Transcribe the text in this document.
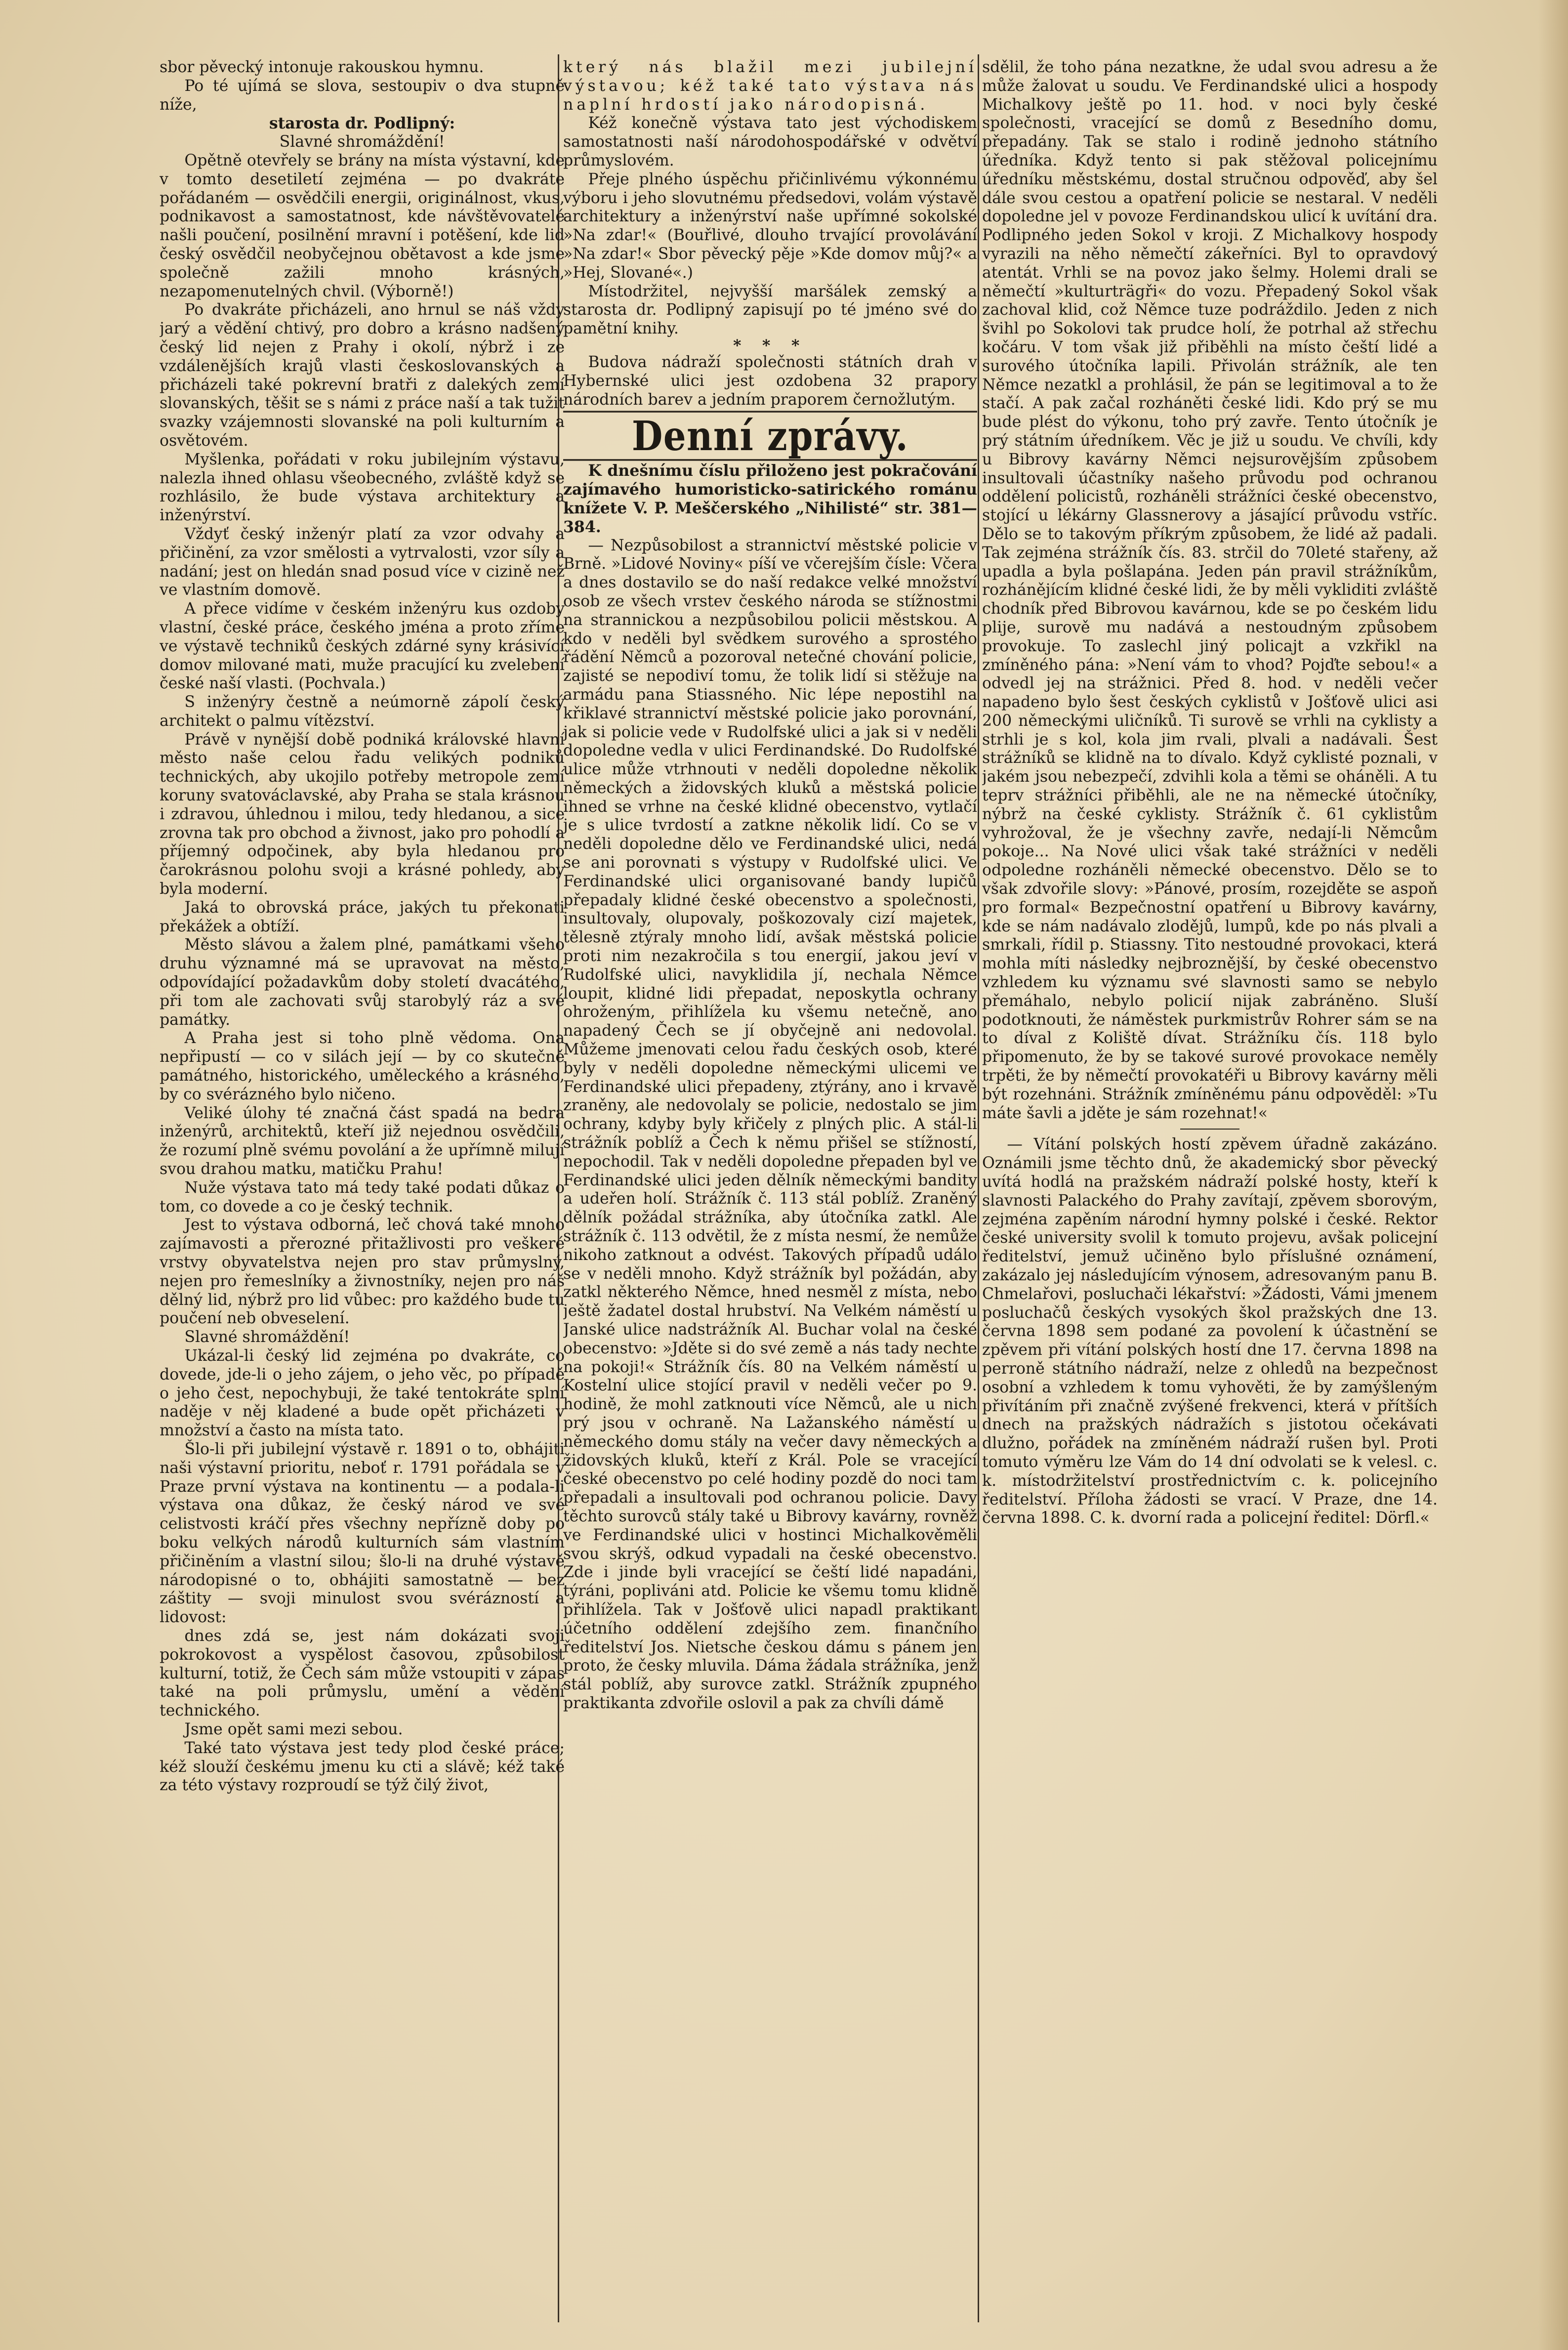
sbor pěvecký intonuje rakouskou hymnu.

Po té ujímá se slova, sestoupiv o dva stupně níže,

starosta dr. Podlipný:

Slavné shromáždění!

Opětně otevřely se brány na místa výstavní, kde v tomto desetiletí zejména — po dvakráte pořádaném — osvědčili energii, originálnost, vkus, podnikavost a samostatnost, kde návštěvovatelé našli poučení, posilnění mravní i potěšení, kde lid český osvědčil neobyčejnou obětavost a kde jsme společně zažili mnoho krásných, nezapomenutelných chvil. (Výborně!)

Po dvakráte přicházeli, ano hrnul se náš vždy jarý a vědění chtivý, pro dobro a krásno nadšený český lid nejen z Prahy i okolí, nýbrž i ze vzdálenějších krajů vlasti českoslovanských a přicházeli také pokrevní bratři z dalekých zemí slovanských, těšit se s námi z práce naší a tak tužit svazky vzájemnosti slovanské na poli kulturním a osvětovém.

Myšlenka, pořádati v roku jubilejním výstavu, nalezla ihned ohlasu všeobecného, zvláště když se rozhlásilo, že bude výstava architektury a inženýrství.

Vždyť český inženýr platí za vzor odvahy a přičinění, za vzor smělosti a vytrvalosti, vzor síly a nadání; jest on hledán snad posud více v cizině než ve vlastním domově.

A přece vidíme v českém inženýru kus ozdoby vlastní, české práce, českého jména a proto zříme ve výstavě techniků českých zdárné syny krásivící domov milované mati, muže pracující ku zvelebení české naší vlasti. (Pochvala.)

S inženýry čestně a neúmorně zápolí český architekt o palmu vítězství.

Právě v nynější době podniká královské hlavní město naše celou řadu velikých podniků technických, aby ukojilo potřeby metropole zemí koruny svatováclavské, aby Praha se stala krásnou i zdravou, úhlednou i milou, tedy hledanou, a sice zrovna tak pro obchod a živnost, jako pro pohodlí a příjemný odpočinek, aby byla hledanou pro čarokrásnou polohu svoji a krásné pohledy, aby byla moderní.

Jaká to obrovská práce, jakých tu překonati překážek a obtíží.

Město slávou a žalem plné, památkami všeho druhu významné má se upravovat na město, odpovídající požadavkům doby století dvacátého, při tom ale zachovati svůj starobylý ráz a své památky.

A Praha jest si toho plně vědoma. Ona nepřipustí — co v silách její — by co skutečně památného, historického, uměleckého a krásného, by co svérázného bylo ničeno.

Veliké úlohy té značná část spadá na bedra inženýrů, architektů, kteří již nejednou osvědčili, že rozumí plně svému povolání a že upřímně milují svou drahou matku, matičku Prahu!

Nuže výstava tato má tedy také podati důkaz o tom, co dovede a co je český technik.

Jest to výstava odborná, leč chová také mnoho zajímavosti a přerozné přitažlivosti pro veškeré vrstvy obyvatelstva nejen pro stav průmyslný, nejen pro řemeslníky a živnostníky, nejen pro náš dělný lid, nýbrž pro lid vůbec: pro každého bude tu poučení neb obveselení.

Slavné shromáždění!

Ukázal-li český lid zejména po dvakráte, co dovede, jde-li o jeho zájem, o jeho věc, po případě o jeho čest, nepochybuji, že také tentokráte splní naděje v něj kladené a bude opět přicházeti v množství a často na místa tato.

Šlo-li při jubilejní výstavě r. 1891 o to, obhájiti naši výstavní prioritu, neboť r. 1791 pořádala se v Praze první výstava na kontinentu — a podala-li výstava ona důkaz, že český národ ve své celistvosti kráčí přes všechny nepřízně doby po boku velkých národů kulturních sám vlastním přičiněním a vlastní silou; šlo-li na druhé výstavě národopisné o to, obhájiti samostatně — bez záštity — svoji minulost svou svérázností a lidovost:

dnes zdá se, jest nám dokázati svoji pokrokovost a vyspělost časovou, způsobilost kulturní, totiž, že Čech sám může vstoupiti v zápas také na poli průmyslu, umění a vědění technického.

Jsme opět sami mezi sebou.

Také tato výstava jest tedy plod české práce; kéž slouží českému jmenu ku cti a slávě; kéž také za této výstavy rozproudí se týž čilý život,

který nás blažil mezi jubilejní výstavou; kéž také tato výstava nás naplní hrdostí jako národopisná.

Kéž konečně výstava tato jest východiskem samostatnosti naší národohospodářské v odvětví průmyslovém.

Přeje plného úspěchu přičinlivému výkonnému výboru i jeho slovutnému předsedovi, volám výstavě architektury a inženýrství naše upřímné sokolské »Na zdar!« (Bouřlivé, dlouho trvající provolávání »Na zdar!« Sbor pěvecký pěje »Kde domov můj?« a »Hej, Slované«.)

Místodržitel, nejvyšší maršálek zemský a starosta dr. Podlipný zapisují po té jméno své do pamětní knihy.

* * *

Budova nádraží společnosti státních drah v Hybernské ulici jest ozdobena 32 prapory národních barev a jedním praporem černožlutým.

Denní zprávy.

K dnešnímu číslu přiloženo jest pokračování zajímavého humoristicko-satirického románu knížete V. P. Meščerského „Nihilisté“ str. 381—384.

— Nezpůsobilost a strannictví městské policie v Brně. »Lidové Noviny« píší ve včerejším čísle: Včera a dnes dostavilo se do naší redakce velké množství osob ze všech vrstev českého národa se stížnostmi na strannickou a nezpůsobilou policii městskou. A kdo v neděli byl svědkem surového a sprostého řádění Němců a pozoroval netečné chování policie, zajisté se nepodiví tomu, že tolik lidí si stěžuje na armádu pana Stiassného. Nic lépe nepostihl na křiklavé strannictví městské policie jako porovnání, jak si policie vede v Rudolfské ulici a jak si v neděli dopoledne vedla v ulici Ferdinandské. Do Rudolfské ulice může vtrhnouti v neděli dopoledne několik německých a židovských kluků a městská policie ihned se vrhne na české klidné obecenstvo, vytlačí je s ulice tvrdostí a zatkne několik lidí. Co se v neděli dopoledne dělo ve Ferdinandské ulici, nedá se ani porovnati s výstupy v Rudolfské ulici. Ve Ferdinandské ulici organisované bandy lupičů přepadaly klidné české obecenstvo a společnosti, insultovaly, olupovaly, poškozovaly cizí majetek, tělesně ztýraly mnoho lidí, avšak městská policie proti nim nezakročila s tou energií, jakou jeví v Rudolfské ulici, navyklidila jí, nechala Němce loupit, klidné lidi přepadat, neposkytla ochrany ohroženým, přihlížela ku všemu netečně, ano napadený Čech se jí obyčejně ani nedovolal. Můžeme jmenovati celou řadu českých osob, které byly v neděli dopoledne německými ulicemi ve Ferdinandské ulici přepadeny, ztýrány, ano i krvavě zraněny, ale nedovolaly se policie, nedostalo se jim ochrany, kdyby byly křičely z plných plic. A stál-li strážník poblíž a Čech k němu přišel se stížností, nepochodil. Tak v neděli dopoledne přepaden byl ve Ferdinandské ulici jeden dělník německými bandity a udeřen holí. Strážník č. 113 stál poblíž. Zraněný dělník požádal strážníka, aby útočníka zatkl. Ale strážník č. 113 odvětil, že z místa nesmí, že nemůže nikoho zatknout a odvést. Takových případů událo se v neděli mnoho. Když strážník byl požádán, aby zatkl některého Němce, hned nesměl z místa, nebo ještě žadatel dostal hrubství. Na Velkém náměstí u Janské ulice nadstrážník Al. Buchar volal na české obecenstvo: »Jděte si do své země a nás tady nechte na pokoji!« Strážník čís. 80 na Velkém náměstí u Kostelní ulice stojící pravil v neděli večer po 9. hodině, že mohl zatknouti více Němců, ale u nich prý jsou v ochraně. Na Lažanského náměstí u německého domu stály na večer davy německých a židovských kluků, kteří z Král. Pole se vracející české obecenstvo po celé hodiny pozdě do noci tam přepadali a insultovali pod ochranou policie. Davy těchto surovců stály také u Bibrovy kavárny, rovněž ve Ferdinandské ulici v hostinci Michalkověměli svou skrýš, odkud vypadali na české obecenstvo. Zde i jinde byli vracející se čeští lidé napadáni, týráni, popliváni atd. Policie ke všemu tomu klidně přihlížela. Tak v Jošťově ulici napadl praktikant účetního oddělení zdejšího zem. finančního ředitelství Jos. Nietsche českou dámu s pánem jen proto, že česky mluvila. Dáma žádala strážníka, jenž stál poblíž, aby surovce zatkl. Strážník zpupného praktikanta zdvořile oslovil a pak za chvíli dámě

sdělil, že toho pána nezatkne, že udal svou adresu a že může žalovat u soudu. Ve Ferdinandské ulici a hospody Michalkovy ještě po 11. hod. v noci byly české společnosti, vracející se domů z Besedního domu, přepadány. Tak se stalo i rodině jednoho státního úředníka. Když tento si pak stěžoval policejnímu úředníku městskému, dostal stručnou odpověď, aby šel dále svou cestou a opatření policie se nestaral. V neděli dopoledne jel v povoze Ferdinandskou ulicí k uvítání dra. Podlipného jeden Sokol v kroji. Z Michalkovy hospody vyrazili na něho němečtí zákeřníci. Byl to opravdový atentát. Vrhli se na povoz jako šelmy. Holemi drali se němečtí »kulturträgři« do vozu. Přepadený Sokol však zachoval klid, což Němce tuze podráždilo. Jeden z nich švihl po Sokolovi tak prudce holí, že potrhal až střechu kočáru. V tom však již přiběhli na místo čeští lidé a surového útočníka lapili. Přivolán strážník, ale ten Němce nezatkl a prohlásil, že pán se legitimoval a to že stačí. A pak začal rozháněti české lidi. Kdo prý se mu bude plést do výkonu, toho prý zavře. Tento útočník je prý státním úředníkem. Věc je již u soudu. Ve chvíli, kdy u Bibrovy kavárny Němci nejsurovějším způsobem insultovali účastníky našeho průvodu pod ochranou oddělení policistů, rozháněli strážníci české obecenstvo, stojící u lékárny Glassnerovy a jásající průvodu vstříc. Dělo se to takovým příkrým způsobem, že lidé až padali. Tak zejména strážník čís. 83. strčil do 70leté stařeny, až upadla a byla pošlapána. Jeden pán pravil strážníkům, rozhánějícím klidné české lidi, že by měli vykliditi zvláště chodník před Bibrovou kavárnou, kde se po českém lidu plije, surově mu nadává a nestoudným způsobem provokuje. To zaslechl jiný policajt a vzkřikl na zmíněného pána: »Není vám to vhod? Pojďte sebou!« a odvedl jej na strážnici. Před 8. hod. v neděli večer napadeno bylo šest českých cyklistů v Jošťově ulici asi 200 německými uličníků. Ti surově se vrhli na cyklisty a strhli je s kol, kola jim rvali, plvali a nadávali. Šest strážníků se klidně na to dívalo. Když cyklisté poznali, v jakém jsou nebezpečí, zdvihli kola a těmi se oháněli. A tu teprv strážníci přiběhli, ale ne na německé útočníky, nýbrž na české cyklisty. Strážník č. 61 cyklistům vyhrožoval, že je všechny zavře, nedají-li Němcům pokoje... Na Nové ulici však také strážníci v neděli odpoledne rozháněli německé obecenstvo. Dělo se to však zdvořile slovy: »Pánové, prosím, rozejděte se aspoň pro formal« Bezpečnostní opatření u Bibrovy kavárny, kde se nám nadávalo zlodějů, lumpů, kde po nás plvali a smrkali, řídil p. Stiassny. Tito nestoudné provokaci, která mohla míti následky nejbroznější, by české obecenstvo vzhledem ku významu své slavnosti samo se nebylo přemáhalo, nebylo policií nijak zabráněno. Sluší podotknouti, že náměstek purkmistrův Rohrer sám se na to díval z Koliště dívat. Strážníku čís. 118 bylo připomenuto, že by se takové surové provokace neměly trpěti, že by němečtí provokatéři u Bibrovy kavárny měli být rozehnáni. Strážník zmíněnému pánu odpověděl: »Tu máte šavli a jděte je sám rozehnat!«

— Vítání polských hostí zpěvem úřadně zakázáno. Oznámili jsme těchto dnů, že akademický sbor pěvecký uvítá hodlá na pražském nádraží polské hosty, kteří k slavnosti Palackého do Prahy zavítají, zpěvem sborovým, zejména zapěním národní hymny polské i české. Rektor české university svolil k tomuto projevu, avšak policejní ředitelství, jemuž učiněno bylo příslušné oznámení, zakázalo jej následujícím výnosem, adresovaným panu B. Chmelařovi, posluchači lékařství: »Žádosti, Vámi jmenem posluchačů českých vysokých škol pražských dne 13. června 1898 sem podané za povolení k účastnění se zpěvem při vítání polských hostí dne 17. června 1898 na perroně státního nádraží, nelze z ohledů na bezpečnost osobní a vzhledem k tomu vyhověti, že by zamýšleným přivítáním při značně zvýšené frekvenci, která v přítších dnech na pražských nádražích s jistotou očekávati dlužno, pořádek na zmíněném nádraží rušen byl. Proti tomuto výměru lze Vám do 14 dní odvolati se k velesl. c. k. místodržitelství prostřednictvím c. k. policejního ředitelství. Příloha žádosti se vrací. V Praze, dne 14. června 1898. C. k. dvorní rada a policejní ředitel: Dörfl.«
